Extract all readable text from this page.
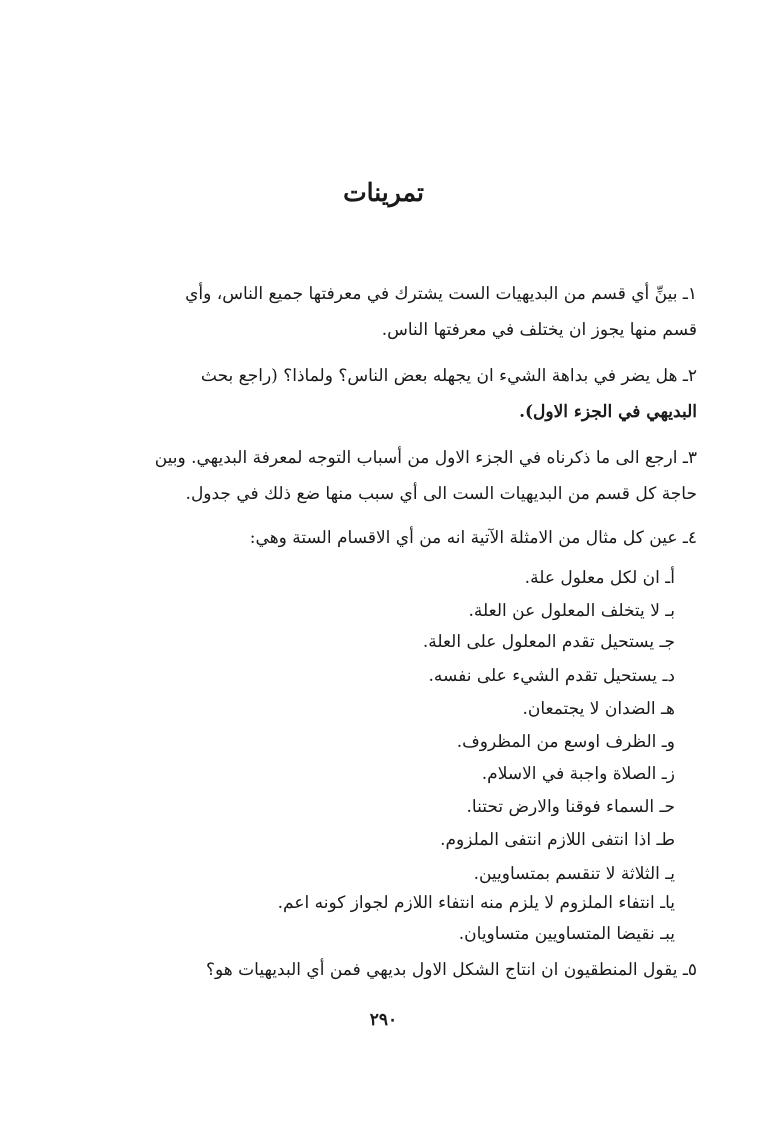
تمرينات
١ـ بينِّ أي قسم من البديهيات الست يشترك في معرفتها جميع الناس، وأي
قسم منها يجوز ان يختلف في معرفتها الناس.
٢ـ هل يضر في بداهة الشيء ان يجهله بعض الناس؟ ولماذا؟ (راجع بحث
البديهي في الجزء الاول).
٣ـ ارجع الى ما ذكرناه في الجزء الاول من أسباب التوجه لمعرفة البديهي. وبين
حاجة كل قسم من البديهيات الست الى أي سبب منها ضع ذلك في جدول.
٤ـ عين كل مثال من الامثلة الآتية انه من أي الاقسام الستة وهي:
أـ ان لكل معلول علة.
بـ لا يتخلف المعلول عن العلة.
جـ يستحيل تقدم المعلول على العلة.
دـ يستحيل تقدم الشيء على نفسه.
هـ الضدان لا يجتمعان.
وـ الظرف اوسع من المظروف.
زـ الصلاة واجبة في الاسلام.
حـ السماء فوقنا والارض تحتنا.
طـ اذا انتفى اللازم انتفى الملزوم.
يـ الثلاثة لا تنقسم بمتساويين.
ياـ انتفاء الملزوم لا يلزم منه انتفاء اللازم لجواز كونه اعم.
يبـ نقيضا المتساويين متساويان.
٥ـ يقول المنطقيون ان انتاج الشكل الاول بديهي فمن أي البديهيات هو؟
٢٩٠
